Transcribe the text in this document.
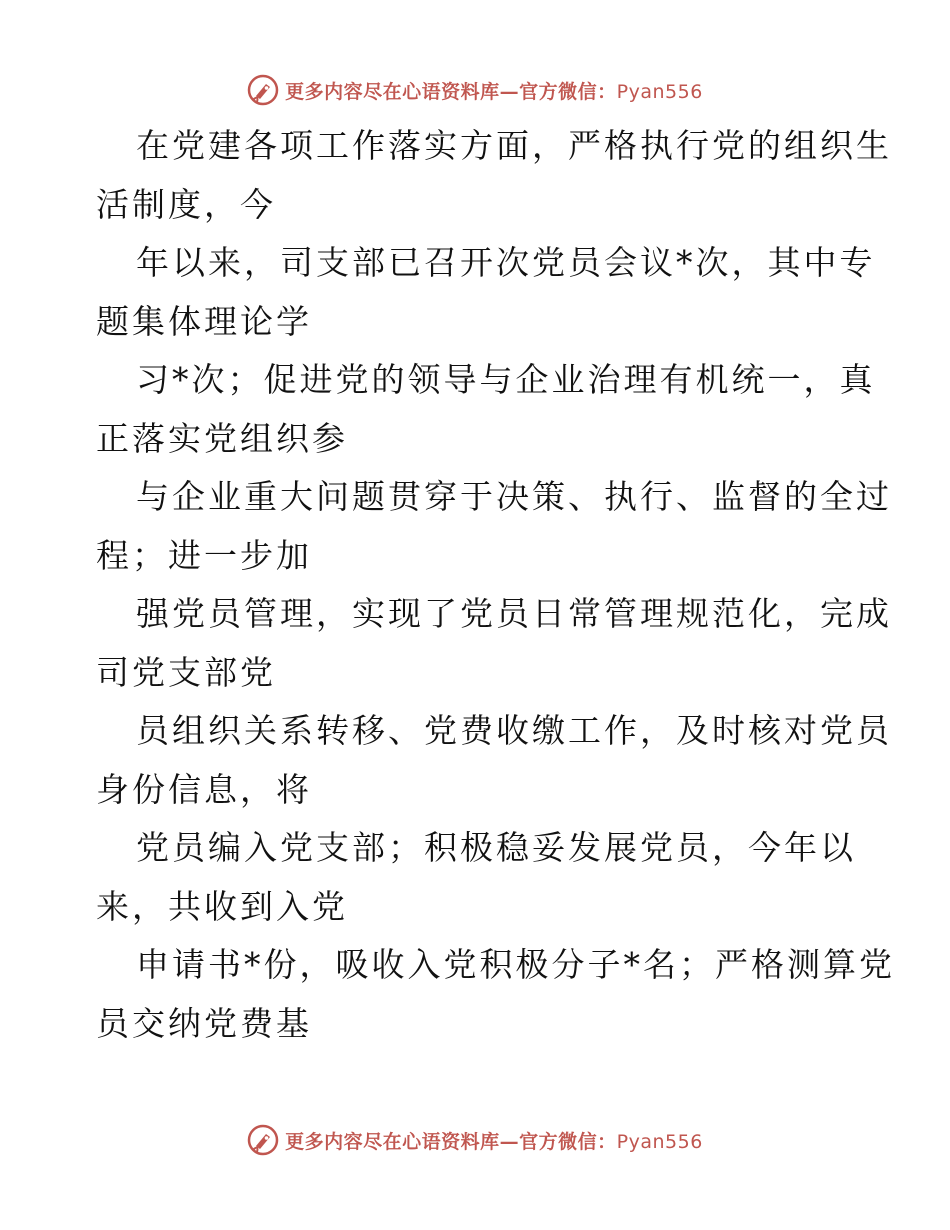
更多内容尽在心语资料库—官方微信：Pyan556
在党建各项工作落实方面，严格执行党的组织生
活制度，今
年以来，司支部已召开次党员会议*次，其中专
题集体理论学
习*次；促进党的领导与企业治理有机统一，真
正落实党组织参
与企业重大问题贯穿于决策、执行、监督的全过
程；进一步加
强党员管理，实现了党员日常管理规范化，完成
司党支部党
员组织关系转移、党费收缴工作，及时核对党员
身份信息，将
党员编入党支部；积极稳妥发展党员，今年以
来，共收到入党
申请书*份，吸收入党积极分子*名；严格测算党
员交纳党费基
更多内容尽在心语资料库—官方微信：Pyan556
